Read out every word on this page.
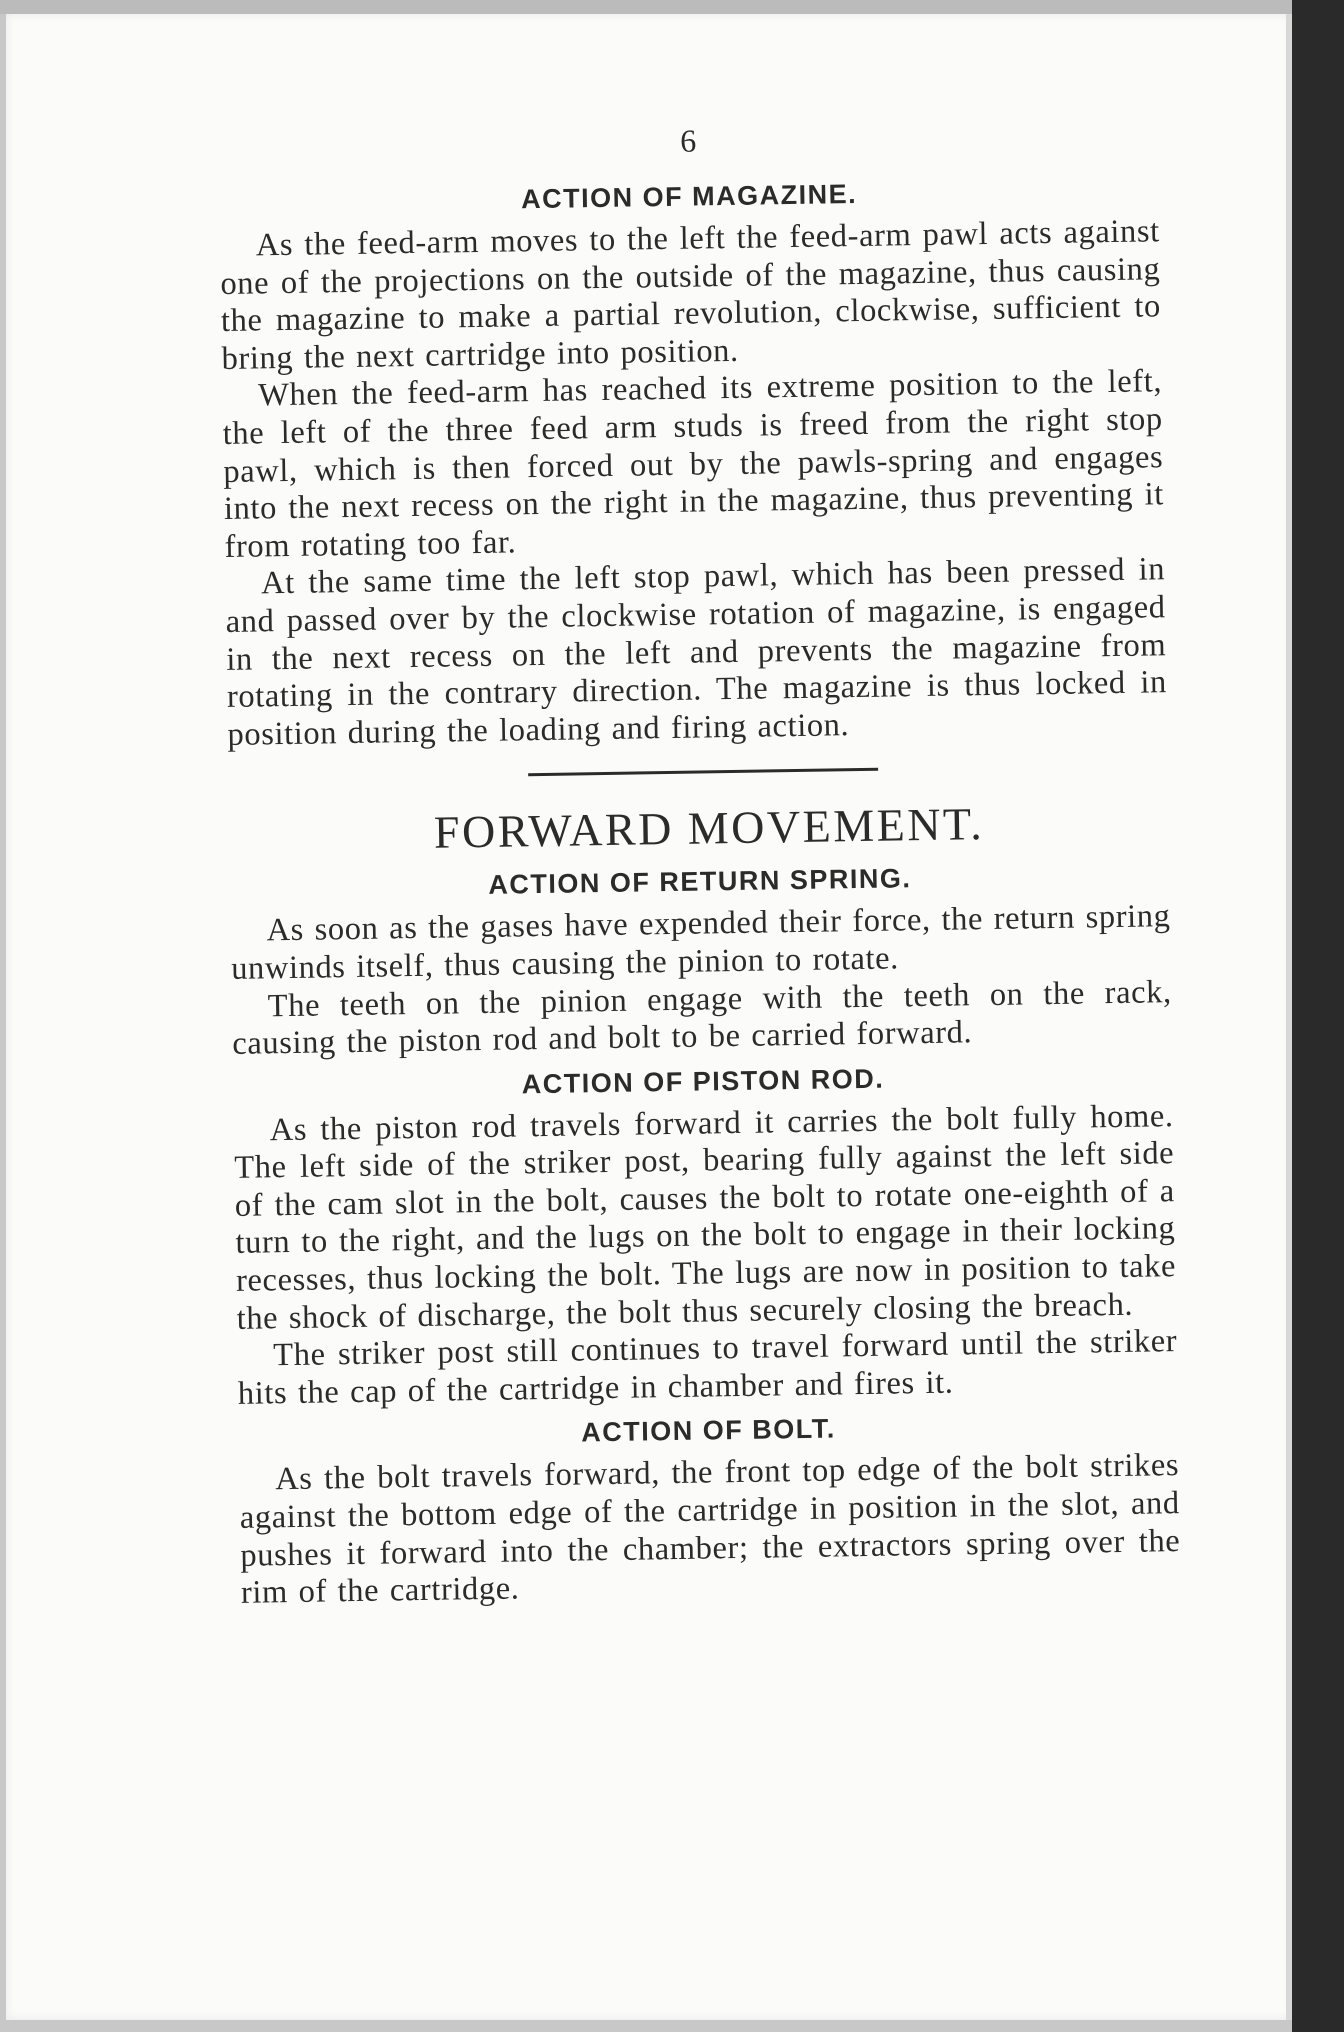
6
ACTION OF MAGAZINE.

As the feed-arm moves to the left the feed-arm pawl acts against one of the projections on the outside of the magazine, thus causing the magazine to make a partial revolution, clockwise, sufficient to bring the next cartridge into position.

When the feed-arm has reached its extreme position to the left, the left of the three feed arm studs is freed from the right stop pawl, which is then forced out by the pawls-spring and engages into the next recess on the right in the magazine, thus preventing it from rotating too far.

At the same time the left stop pawl, which has been pressed in and passed over by the clockwise rotation of magazine, is engaged in the next recess on the left and prevents the magazine from rotating in the contrary direction. The magazine is thus locked in position during the loading and firing action.

FORWARD MOVEMENT.
ACTION OF RETURN SPRING.

As soon as the gases have expended their force, the return spring unwinds itself, thus causing the pinion to rotate.

The teeth on the pinion engage with the teeth on the rack, causing the piston rod and bolt to be carried forward.

ACTION OF PISTON ROD.

As the piston rod travels forward it carries the bolt fully home. The left side of the striker post, bearing fully against the left side of the cam slot in the bolt, causes the bolt to rotate one-eighth of a turn to the right, and the lugs on the bolt to engage in their locking recesses, thus locking the bolt. The lugs are now in position to take the shock of discharge, the bolt thus securely closing the breach.

The striker post still continues to travel forward until the striker hits the cap of the cartridge in chamber and fires it.

ACTION OF BOLT.

As the bolt travels forward, the front top edge of the bolt strikes against the bottom edge of the cartridge in position in the slot, and pushes it forward into the chamber; the extractors spring over the rim of the cartridge.
